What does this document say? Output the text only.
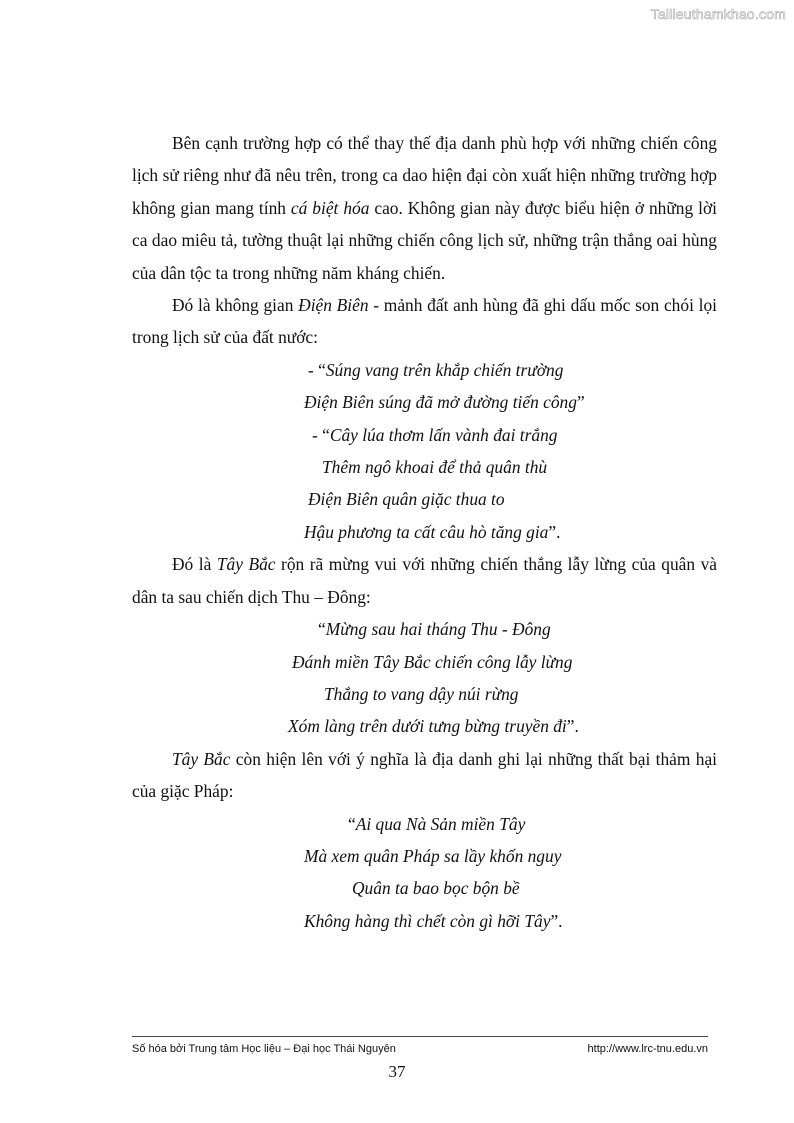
Tailieuthamkhao.com

Bên cạnh trường hợp có thể thay thế địa danh phù hợp với những chiến công lịch sử riêng như đã nêu trên, trong ca dao hiện đại còn xuất hiện những trường hợp không gian mang tính cá biệt hóa cao. Không gian này được biểu hiện ở những lời ca dao miêu tả, tường thuật lại những chiến công lịch sử, những trận thắng oai hùng của dân tộc ta trong những năm kháng chiến.

Đó là không gian Điện Biên - mảnh đất anh hùng đã ghi dấu mốc son chói lọi trong lịch sử của đất nước:

- “Súng vang trên khắp chiến trường
Điện Biên súng đã mở đường tiến công”
- “Cây lúa thơm lấn vành đai trắng
Thêm ngô khoai để thả quân thù
Điện Biên quân giặc thua to
Hậu phương ta cất câu hò tăng gia”.

Đó là Tây Bắc rộn rã mừng vui với những chiến thắng lẫy lừng của quân và dân ta sau chiến dịch Thu – Đông:

“Mừng sau hai tháng Thu - Đông
Đánh miền Tây Bắc chiến công lẫy lừng
Thắng to vang dậy núi rừng
Xóm làng trên dưới tưng bừng truyền đi”.

Tây Bắc còn hiện lên với ý nghĩa là địa danh ghi lại những thất bại thảm hại của giặc Pháp:

“Ai qua Nà Sản miền Tây
Mà xem quân Pháp sa lầy khốn nguy
Quân ta bao bọc bộn bề
Không hàng thì chết còn gì hỡi Tây”.
Số hóa bởi Trung tâm Học liệu – Đại học Thái Nguyên	http://www.lrc-tnu.edu.vn
37
